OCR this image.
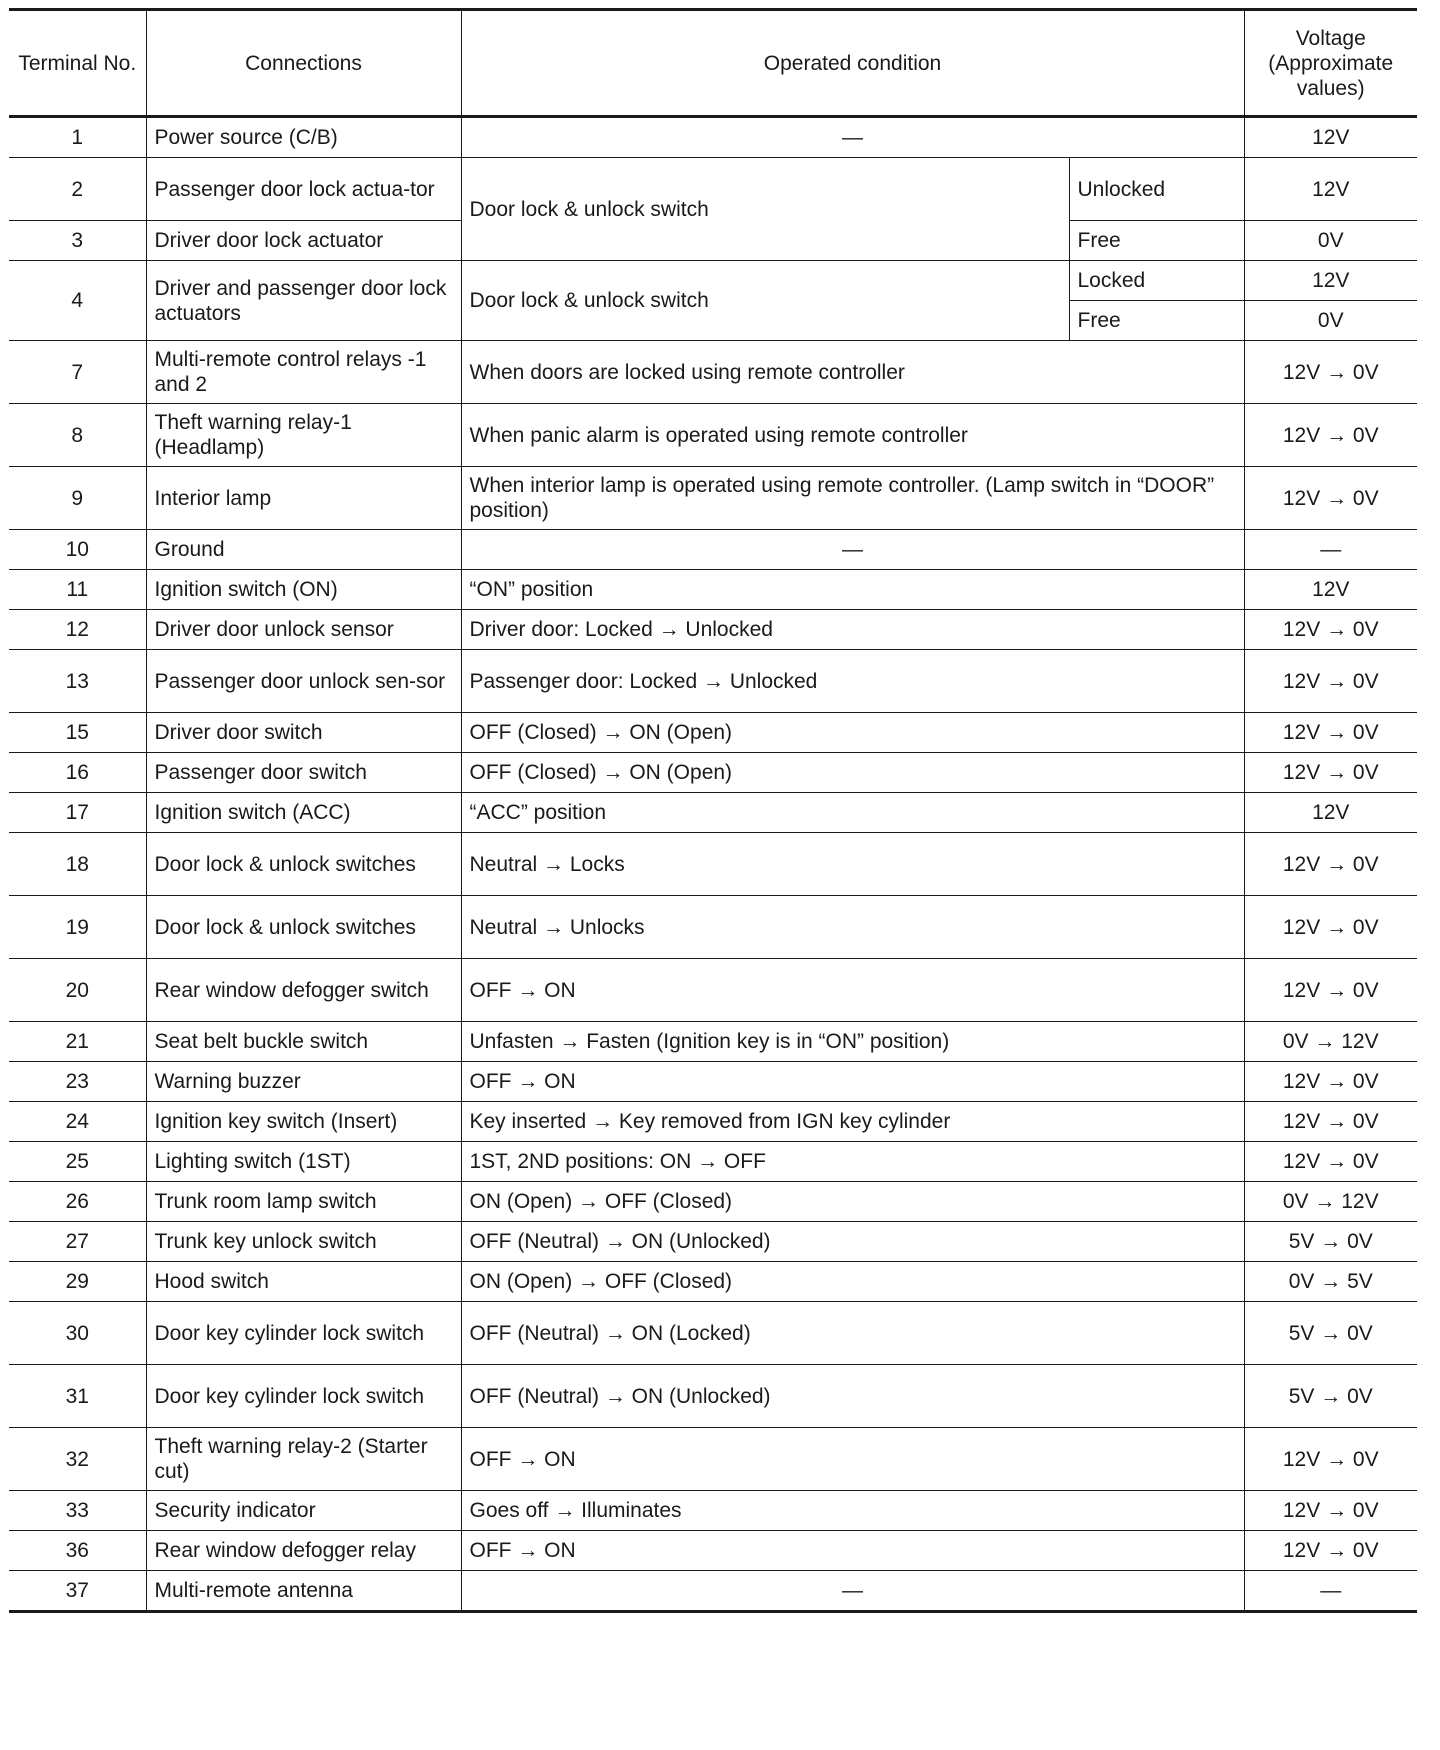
Terminal No.	Connections	Operated condition		Voltage (Approximate values)
1	Power source (C/B)	—		12V
2	Passenger door lock actua-tor	Door lock & unlock switch	Unlocked	12V
3	Driver door lock actuator		Free	0V
4	Driver and passenger door lock actuators	Door lock & unlock switch	Locked	12V
			Free	0V
7	Multi-remote control relays -1 and 2	When doors are locked using remote controller		12V → 0V
8	Theft warning relay-1 (Headlamp)	When panic alarm is operated using remote controller		12V → 0V
9	Interior lamp	When interior lamp is operated using remote controller. (Lamp switch in “DOOR” position)		12V → 0V
10	Ground	—		—
11	Ignition switch (ON)	“ON” position		12V
12	Driver door unlock sensor	Driver door: Locked → Unlocked		12V → 0V
13	Passenger door unlock sen-sor	Passenger door: Locked → Unlocked		12V → 0V
15	Driver door switch	OFF (Closed) → ON (Open)		12V → 0V
16	Passenger door switch	OFF (Closed) → ON (Open)		12V → 0V
17	Ignition switch (ACC)	“ACC” position		12V
18	Door lock & unlock switches	Neutral → Locks		12V → 0V
19	Door lock & unlock switches	Neutral → Unlocks		12V → 0V
20	Rear window defogger switch	OFF → ON		12V → 0V
21	Seat belt buckle switch	Unfasten → Fasten (Ignition key is in “ON” position)		0V → 12V
23	Warning buzzer	OFF → ON		12V → 0V
24	Ignition key switch (Insert)	Key inserted → Key removed from IGN key cylinder		12V → 0V
25	Lighting switch (1ST)	1ST, 2ND positions: ON → OFF		12V → 0V
26	Trunk room lamp switch	ON (Open) → OFF (Closed)		0V → 12V
27	Trunk key unlock switch	OFF (Neutral) → ON (Unlocked)		5V → 0V
29	Hood switch	ON (Open) → OFF (Closed)		0V → 5V
30	Door key cylinder lock switch	OFF (Neutral) → ON (Locked)		5V → 0V
31	Door key cylinder lock switch	OFF (Neutral) → ON (Unlocked)		5V → 0V
32	Theft warning relay-2 (Starter cut)	OFF → ON		12V → 0V
33	Security indicator	Goes off → Illuminates		12V → 0V
36	Rear window defogger relay	OFF → ON		12V → 0V
37	Multi-remote antenna	—		—
